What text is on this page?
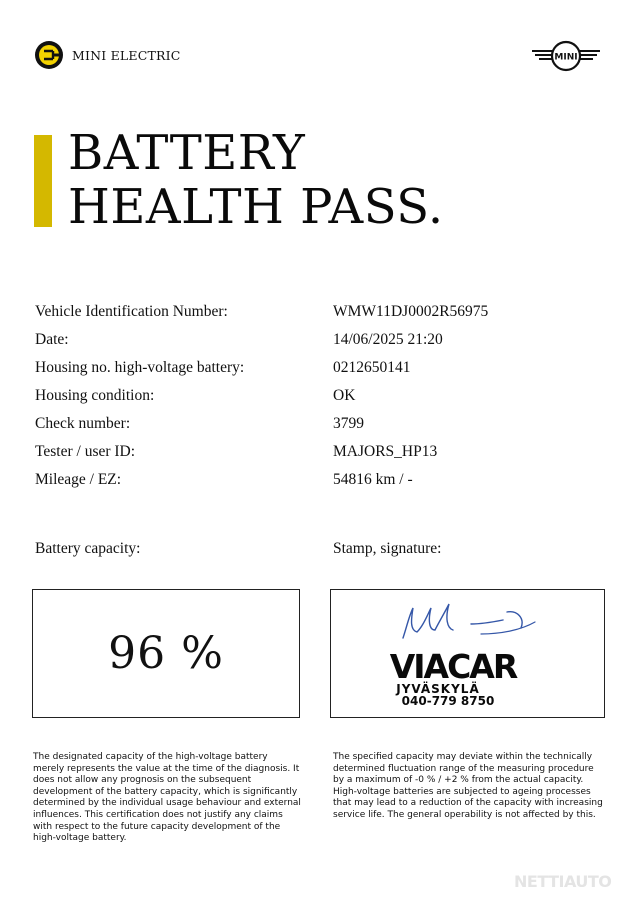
MINI ELECTRIC	MINI
BATTERY
HEALTH PASS.
Vehicle Identification Number:	WMW11DJ0002R56975
Date:	14/06/2025 21:20
Housing no. high-voltage battery:	0212650141
Housing condition:	OK
Check number:	3799
Tester / user ID:	MAJORS_HP13
Mileage / EZ:	54816 km / -
Battery capacity:	Stamp, signature:
96 %	VIACAR
JYVÄSKYLÄ
040-779 8750
The designated capacity of the high-voltage battery merely represents the value at the time of the diagnosis. It does not allow any prognosis on the subsequent development of the battery capacity, which is significantly determined by the individual usage behaviour and external influences. This certification does not justify any claims with respect to the future capacity development of the high-voltage battery.
The specified capacity may deviate within the technically determined fluctuation range of the measuring procedure by a maximum of -0 % / +2 % from the actual capacity. High-voltage batteries are subjected to ageing processes that may lead to a reduction of the capacity with increasing service life. The general operability is not affected by this.
NETTIAUTO
